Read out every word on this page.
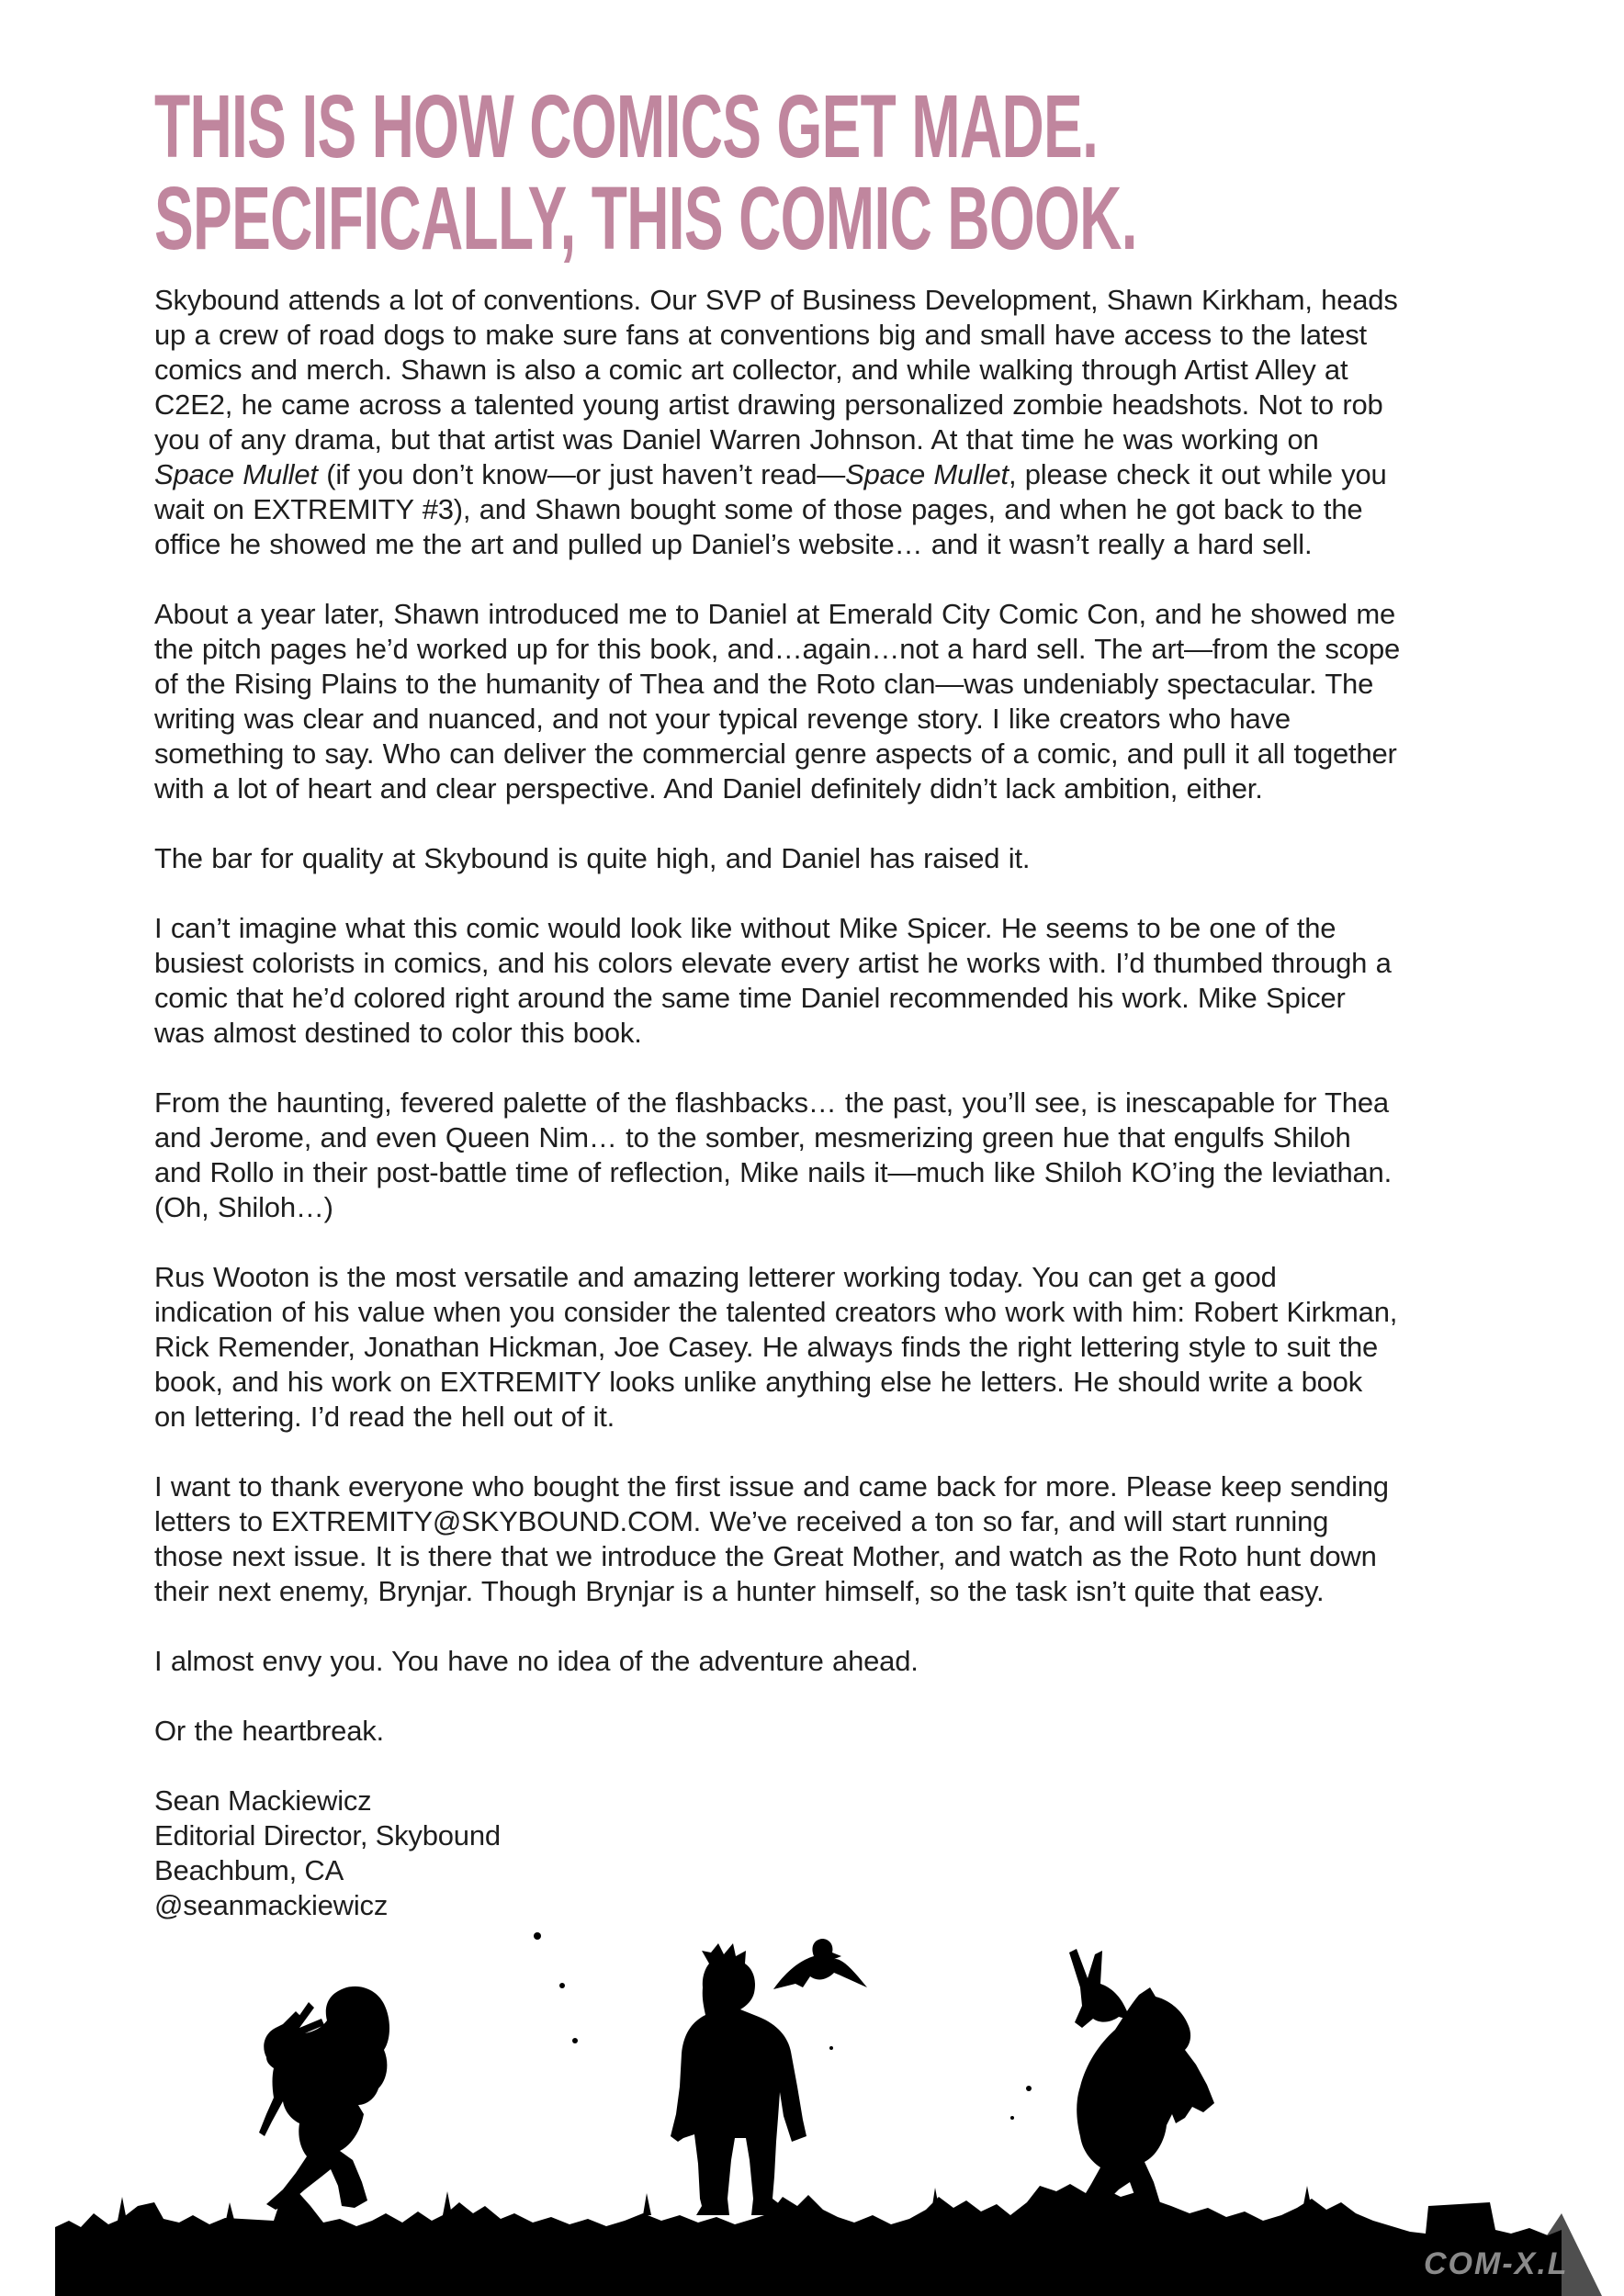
THIS IS HOW COMICS GET MADE.
SPECIFICALLY, THIS COMIC BOOK.

Skybound attends a lot of conventions. Our SVP of Business Development, Shawn Kirkham, heads up a crew of road dogs to make sure fans at conventions big and small have access to the latest comics and merch. Shawn is also a comic art collector, and while walking through Artist Alley at C2E2, he came across a talented young artist drawing personalized zombie headshots. Not to rob you of any drama, but that artist was Daniel Warren Johnson. At that time he was working on Space Mullet (if you don’t know—or just haven’t read—Space Mullet, please check it out while you wait on EXTREMITY #3), and Shawn bought some of those pages, and when he got back to the office he showed me the art and pulled up Daniel’s website… and it wasn’t really a hard sell.

About a year later, Shawn introduced me to Daniel at Emerald City Comic Con, and he showed me the pitch pages he’d worked up for this book, and…again…not a hard sell. The art—from the scope of the Rising Plains to the humanity of Thea and the Roto clan—was undeniably spectacular. The writing was clear and nuanced, and not your typical revenge story. I like creators who have something to say. Who can deliver the commercial genre aspects of a comic, and pull it all together with a lot of heart and clear perspective. And Daniel definitely didn’t lack ambition, either.

The bar for quality at Skybound is quite high, and Daniel has raised it.

I can’t imagine what this comic would look like without Mike Spicer. He seems to be one of the busiest colorists in comics, and his colors elevate every artist he works with. I’d thumbed through a comic that he’d colored right around the same time Daniel recommended his work. Mike Spicer was almost destined to color this book.

From the haunting, fevered palette of the flashbacks… the past, you’ll see, is inescapable for Thea and Jerome, and even Queen Nim… to the somber, mesmerizing green hue that engulfs Shiloh and Rollo in their post-battle time of reflection, Mike nails it—much like Shiloh KO’ing the leviathan. (Oh, Shiloh…)

Rus Wooton is the most versatile and amazing letterer working today. You can get a good indication of his value when you consider the talented creators who work with him: Robert Kirkman, Rick Remender, Jonathan Hickman, Joe Casey. He always finds the right lettering style to suit the book, and his work on EXTREMITY looks unlike anything else he letters. He should write a book on lettering. I’d read the hell out of it.

I want to thank everyone who bought the first issue and came back for more. Please keep sending letters to EXTREMITY@SKYBOUND.COM. We’ve received a ton so far, and will start running those next issue. It is there that we introduce the Great Mother, and watch as the Roto hunt down their next enemy, Brynjar. Though Brynjar is a hunter himself, so the task isn’t quite that easy.

I almost envy you. You have no idea of the adventure ahead.

Or the heartbreak.

Sean Mackiewicz
Editorial Director, Skybound
Beachbum, CA
@seanmackiewicz
COM-X.L
